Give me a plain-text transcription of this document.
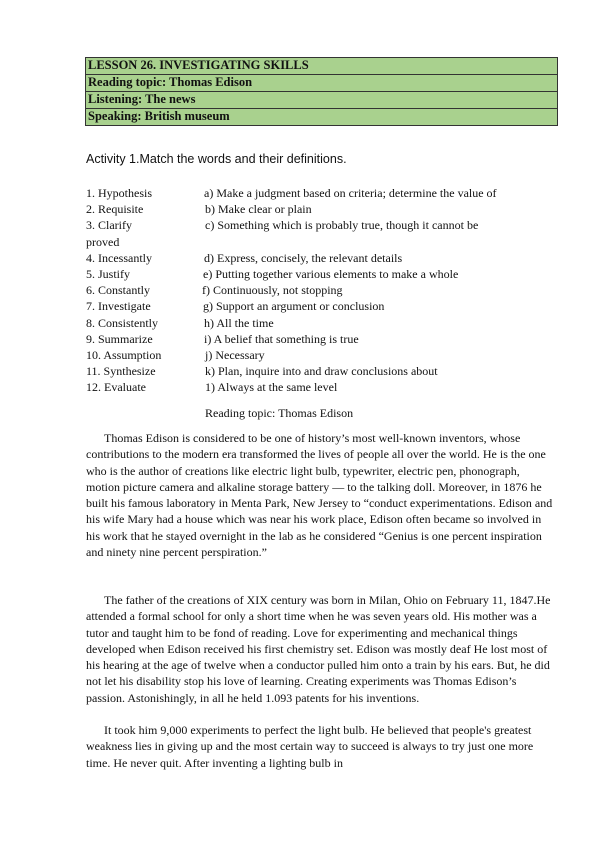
LESSON 26. INVESTIGATING SKILLS
Reading topic: Thomas Edison
Listening: The news
Speaking: British museum
Activity 1.Match the words and their definitions.
1. Hypothesis	a) Make a judgment based on criteria; determine the value of
2. Requisite	b) Make clear or plain
3. Clarify	c) Something which is probably true, though it cannot be
proved
4. Incessantly	d) Express, concisely, the relevant details
5. Justify	e) Putting together various elements to make a whole
6. Constantly	f) Continuously, not stopping
7. Investigate	g) Support an argument or conclusion
8. Consistently	h) All the time
9. Summarize	i) A belief that something is true
10. Assumption	j) Necessary
11. Synthesize	k) Plan, inquire into and draw conclusions about
12. Evaluate	1) Always at the same level
Reading topic: Thomas Edison

Thomas Edison is considered to be one of history’s most well-known inventors, whose contributions to the modern era transformed the lives of people all over the world. He is the one who is the author of creations like electric light bulb, typewriter, electric pen, phonograph, motion picture camera and alkaline storage battery — to the talking doll. Moreover, in 1876 he built his famous laboratory in Menta Park, New Jersey to “conduct experimentations. Edison and his wife Mary had a house which was near his work place, Edison often became so involved in his work that he stayed overnight in the lab as he considered “Genius is one percent inspiration and ninety nine percent perspiration.”

The father of the creations of XIX century was born in Milan, Ohio on February 11, 1847.He attended a formal school for only a short time when he was seven years old. His mother was a tutor and taught him to be fond of reading. Love for experimenting and mechanical things developed when Edison received his first chemistry set. Edison was mostly deaf He lost most of his hearing at the age of twelve when a conductor pulled him onto a train by his ears. But, he did not let his disability stop his love of learning. Creating experiments was Thomas Edison’s passion. Astonishingly, in all he held 1.093 patents for his inventions.

It took him 9,000 experiments to perfect the light bulb. He believed that people's greatest weakness lies in giving up and the most certain way to succeed is always to try just one more time. He never quit. After inventing a lighting bulb in
